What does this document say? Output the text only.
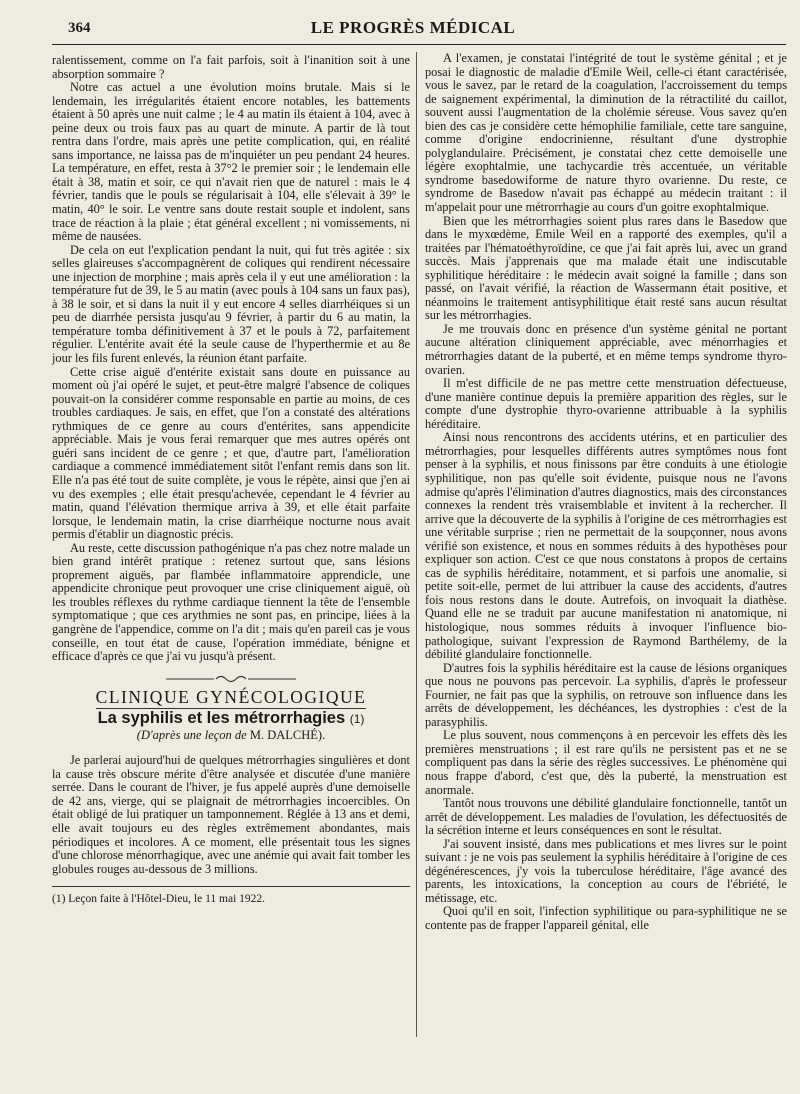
364	LE PROGRÈS MÉDICAL

ralentissement, comme on l'a fait parfois, soit à l'inanition soit à une absorption sommaire ?

Notre cas actuel a une évolution moins brutale. Mais si le lendemain, les irrégularités étaient encore notables, les battements étaient à 50 après une nuit calme ; le 4 au matin ils étaient à 104, avec à peine deux ou trois faux pas au quart de minute. A partir de là tout rentra dans l'ordre, mais après une petite complication, qui, en réalité sans importance, ne laissa pas de m'inquiéter un peu pendant 24 heures. La température, en effet, resta à 37°2 le premier soir ; le lendemain elle était à 38, matin et soir, ce qui n'avait rien que de naturel : mais le 4 février, tandis que le pouls se régularisait à 104, elle s'élevait à 39° le matin, 40° le soir. Le ventre sans doute restait souple et indolent, sans trace de réaction à la plaie ; état général excellent ; ni vomissements, ni même de nausées.

De cela on eut l'explication pendant la nuit, qui fut très agitée : six selles glaireuses s'accompagnèrent de coliques qui rendirent nécessaire une injection de morphine ; mais après cela il y eut une amélioration : la température fut de 39, le 5 au matin (avec pouls à 104 sans un faux pas), à 38 le soir, et si dans la nuit il y eut encore 4 selles diarrhéiques si un peu de diarrhée persista jusqu'au 9 février, à partir du 6 au matin, la température tomba définitivement à 37 et le pouls à 72, parfaitement régulier. L'entérite avait été la seule cause de l'hyperthermie et au 8e jour les fils furent enlevés, la réunion étant parfaite.

Cette crise aiguë d'entérite existait sans doute en puissance au moment où j'ai opéré le sujet, et peut-être malgré l'absence de coliques pouvait-on la considérer comme responsable en partie au moins, de ces troubles cardiaques. Je sais, en effet, que l'on a constaté des altérations rythmiques de ce genre au cours d'entérites, sans appendicite appréciable. Mais je vous ferai remarquer que mes autres opérés ont guéri sans incident de ce genre ; et que, d'autre part, l'amélioration cardiaque a commencé immédiatement sitôt l'enfant remis dans son lit. Elle n'a pas été tout de suite complète, je vous le répète, ainsi que j'en ai vu des exemples ; elle était presqu'achevée, cependant le 4 février au matin, quand l'élévation thermique arriva à 39, et elle était parfaite lorsque, le lendemain matin, la crise diarrhéique nocturne nous avait permis d'établir un diagnostic précis.

Au reste, cette discussion pathogénique n'a pas chez notre malade un bien grand intérêt pratique : retenez surtout que, sans lésions proprement aiguës, par flambée inflammatoire apprendicle, une appendicite chronique peut provoquer une crise cliniquement aiguë, où les troubles réflexes du rythme cardiaque tiennent la tête de l'ensemble symptomatique ; que ces arythmies ne sont pas, en principe, liées à la gangrène de l'appendice, comme on l'a dit ; mais qu'en pareil cas je vous conseille, en tout état de cause, l'opération immédiate, bénigne et efficace d'après ce que j'ai vu jusqu'à présent.

CLINIQUE GYNÉCOLOGIQUE
La syphilis et les métrorrhagies (1)
(D'après une leçon de M. DALCHÉ).

Je parlerai aujourd'hui de quelques métrorrhagies singulières et dont la cause très obscure mérite d'être analysée et discutée d'une manière serrée. Dans le courant de l'hiver, je fus appelé auprès d'une demoiselle de 42 ans, vierge, qui se plaignait de métrorrhagies incoercibles. On était obligé de lui pratiquer un tamponnement. Réglée à 13 ans et demi, elle avait toujours eu des règles extrêmement abondantes, mais périodiques et incolores. A ce moment, elle présentait tous les signes d'une chlorose ménorrhagique, avec une anémie qui avait fait tomber les globules rouges au-dessous de 3 millions.

(1) Leçon faite à l'Hôtel-Dieu, le 11 mai 1922.

A l'examen, je constatai l'intégrité de tout le système génital ; et je posai le diagnostic de maladie d'Emile Weil, celle-ci étant caractérisée, vous le savez, par le retard de la coagulation, l'accroissement du temps de saignement expérimental, la diminution de la rétractilité du caillot, souvent aussi l'augmentation de la cholémie séreuse. Vous savez qu'en bien des cas je considère cette hémophilie familiale, cette tare sanguine, comme d'origine endocrinienne, résultant d'une dystrophie polyglandulaire. Précisément, je constatai chez cette demoiselle une légère exophtalmie, une tachycardie très accentuée, un véritable syndrome basedowiforme de nature thyro ovarienne. Du reste, ce syndrome de Basedow n'avait pas échappé au médecin traitant : il m'appelait pour une métrorrhagie au cours d'un goitre exophtalmique.

Bien que les métrorrhagies soient plus rares dans le Basedow que dans le myxœdème, Emile Weil en a rapporté des exemples, qu'il a traitées par l'hématoéthyroïdine, ce que j'ai fait après lui, avec un grand succès. Mais j'apprenais que ma malade était une indiscutable syphilitique héréditaire : le médecin avait soigné la famille ; dans son passé, on l'avait vérifié, la réaction de Wassermann était positive, et néanmoins le traitement antisyphilitique était resté sans aucun résultat sur les métrorrhagies.

Je me trouvais donc en présence d'un système génital ne portant aucune altération cliniquement appréciable, avec ménorrhagies et métrorrhagies datant de la puberté, et en même temps syndrome thyro-ovarien.

Il m'est difficile de ne pas mettre cette menstruation défectueuse, d'une manière continue depuis la première apparition des règles, sur le compte d'une dystrophie thyro-ovarienne attribuable à la syphilis héréditaire.

Ainsi nous rencontrons des accidents utérins, et en particulier des métrorrhagies, pour lesquelles différents autres symptômes nous font penser à la syphilis, et nous finissons par être conduits à une étiologie syphilitique, non pas qu'elle soit évidente, puisque nous ne l'avons admise qu'après l'élimination d'autres diagnostics, mais des circonstances connexes la rendent très vraisemblable et invitent à la rechercher. Il arrive que la découverte de la syphilis à l'origine de ces métrorrhagies est une véritable surprise ; rien ne permettait de la soupçonner, nous avons vérifié son existence, et nous en sommes réduits à des hypothèses pour expliquer son action. C'est ce que nous constatons à propos de certains cas de syphilis héréditaire, notamment, et si parfois une anomalie, si petite soit-elle, permet de lui attribuer la cause des accidents, d'autres fois nous restons dans le doute. Autrefois, on invoquait la diathèse. Quand elle ne se traduit par aucune manifestation ni anatomique, ni histologique, nous sommes réduits à invoquer l'influence bio-pathologique, suivant l'expression de Raymond Barthélemy, de la débilité glandulaire fonctionnelle.

D'autres fois la syphilis héréditaire est la cause de lésions organiques que nous ne pouvons pas percevoir. La syphilis, d'après le professeur Fournier, ne fait pas que la syphilis, on retrouve son influence dans les arrêts de développement, les déchéances, les dystrophies : c'est de la parasyphilis.

Le plus souvent, nous commençons à en percevoir les effets dès les premières menstruations ; il est rare qu'ils ne persistent pas et ne se compliquent pas dans la série des règles successives. Le phénomène qui nous frappe d'abord, c'est que, dès la puberté, la menstruation est anormale.

Tantôt nous trouvons une débilité glandulaire fonctionnelle, tantôt un arrêt de développement. Les maladies de l'ovulation, les défectuosités de la sécrétion interne et leurs conséquences en sont le résultat.

J'ai souvent insisté, dans mes publications et mes livres sur le point suivant : je ne vois pas seulement la syphilis héréditaire à l'origine de ces dégénérescences, j'y vois la tuberculose héréditaire, l'âge avancé des parents, les intoxications, la conception au cours de l'ébriété, le métissage, etc.

Quoi qu'il en soit, l'infection syphilitique ou para-syphilitique ne se contente pas de frapper l'appareil génital, elle
